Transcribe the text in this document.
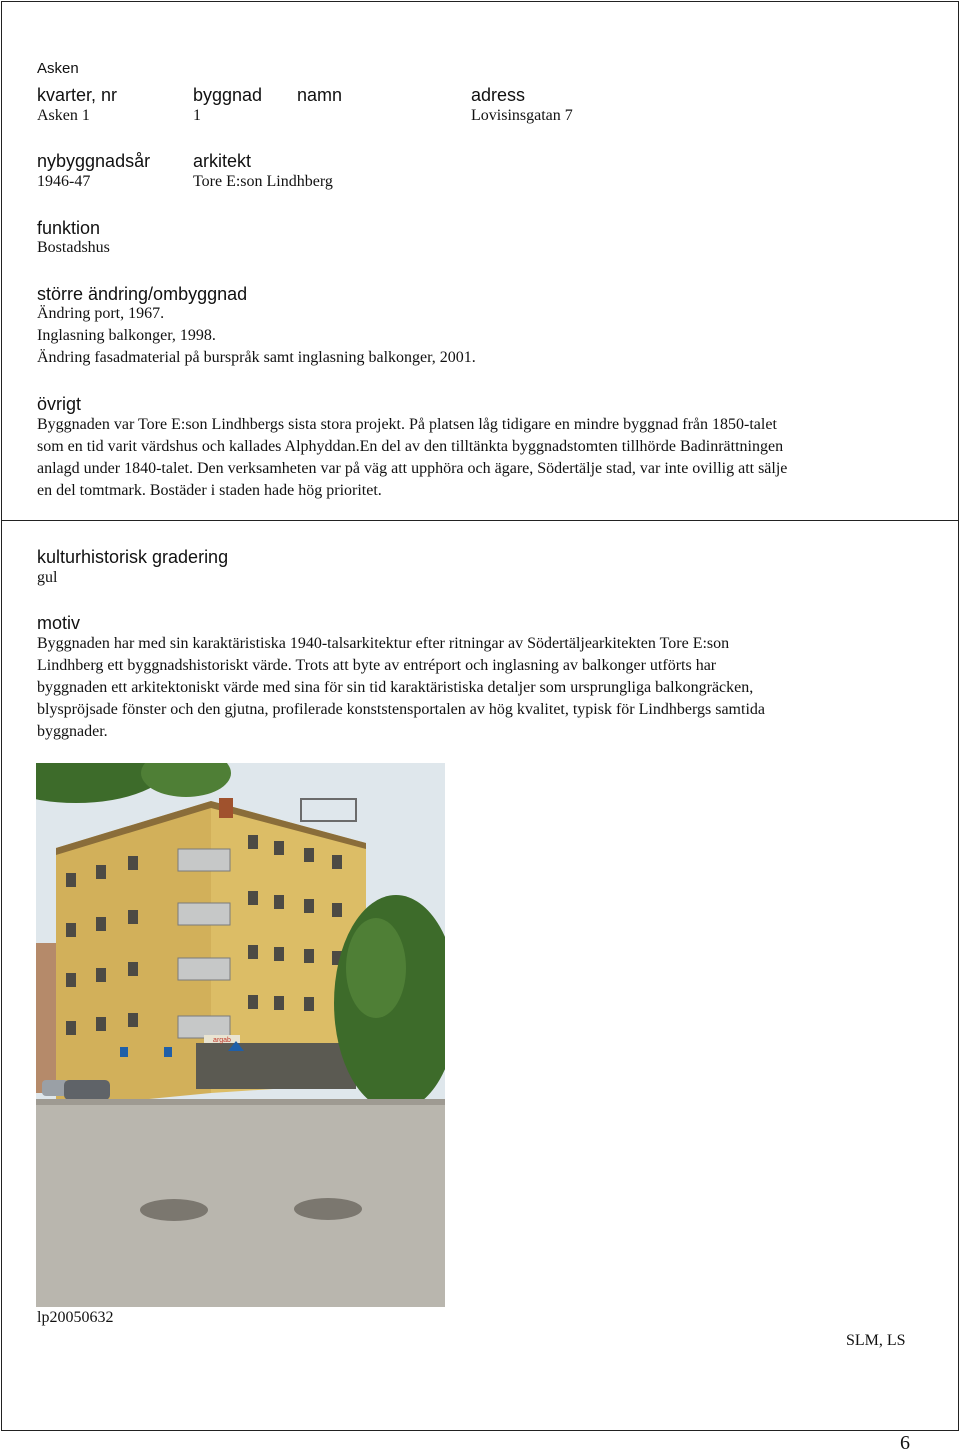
Asken
kvarter, nr	byggnad namn	adress
Asken 1	1	Lovisinsgatan 7
nybyggnadsår arkitekt
1946-47	Tore E:son Lindhberg
funktion
Bostadshus
större ändring/ombyggnad
Ändring port, 1967.
Inglasning balkonger, 1998.
Ändring fasadmaterial på burspråk samt inglasning balkonger, 2001.
övrigt
Byggnaden var Tore E:son Lindhbergs sista stora projekt. På platsen låg tidigare en mindre byggnad från 1850-talet
som en tid varit värdshus och kallades Alphyddan.En del av den tilltänkta byggnadstomten tillhörde Badinrättningen
anlagd under 1840-talet. Den verksamheten var på väg att upphöra och ägare, Södertälje stad, var inte ovillig att sälje
en del tomtmark. Bostäder i staden hade hög prioritet.
kulturhistorisk gradering
gul
motiv
Byggnaden har med sin karaktäristiska 1940-talsarkitektur efter ritningar av Södertäljearkitekten Tore E:son
Lindhberg ett byggnadshistoriskt värde. Trots att byte av entréport och inglasning av balkonger utförts har
byggnaden ett arkitektoniskt värde med sina för sin tid karaktäristiska detaljer som ursprungliga balkongräcken,
blyspröjsade fönster och den gjutna, profilerade konststensportalen av hög kvalitet, typisk för Lindhbergs samtida
byggnader.
argab
lp20050632
SLM, LS
6
